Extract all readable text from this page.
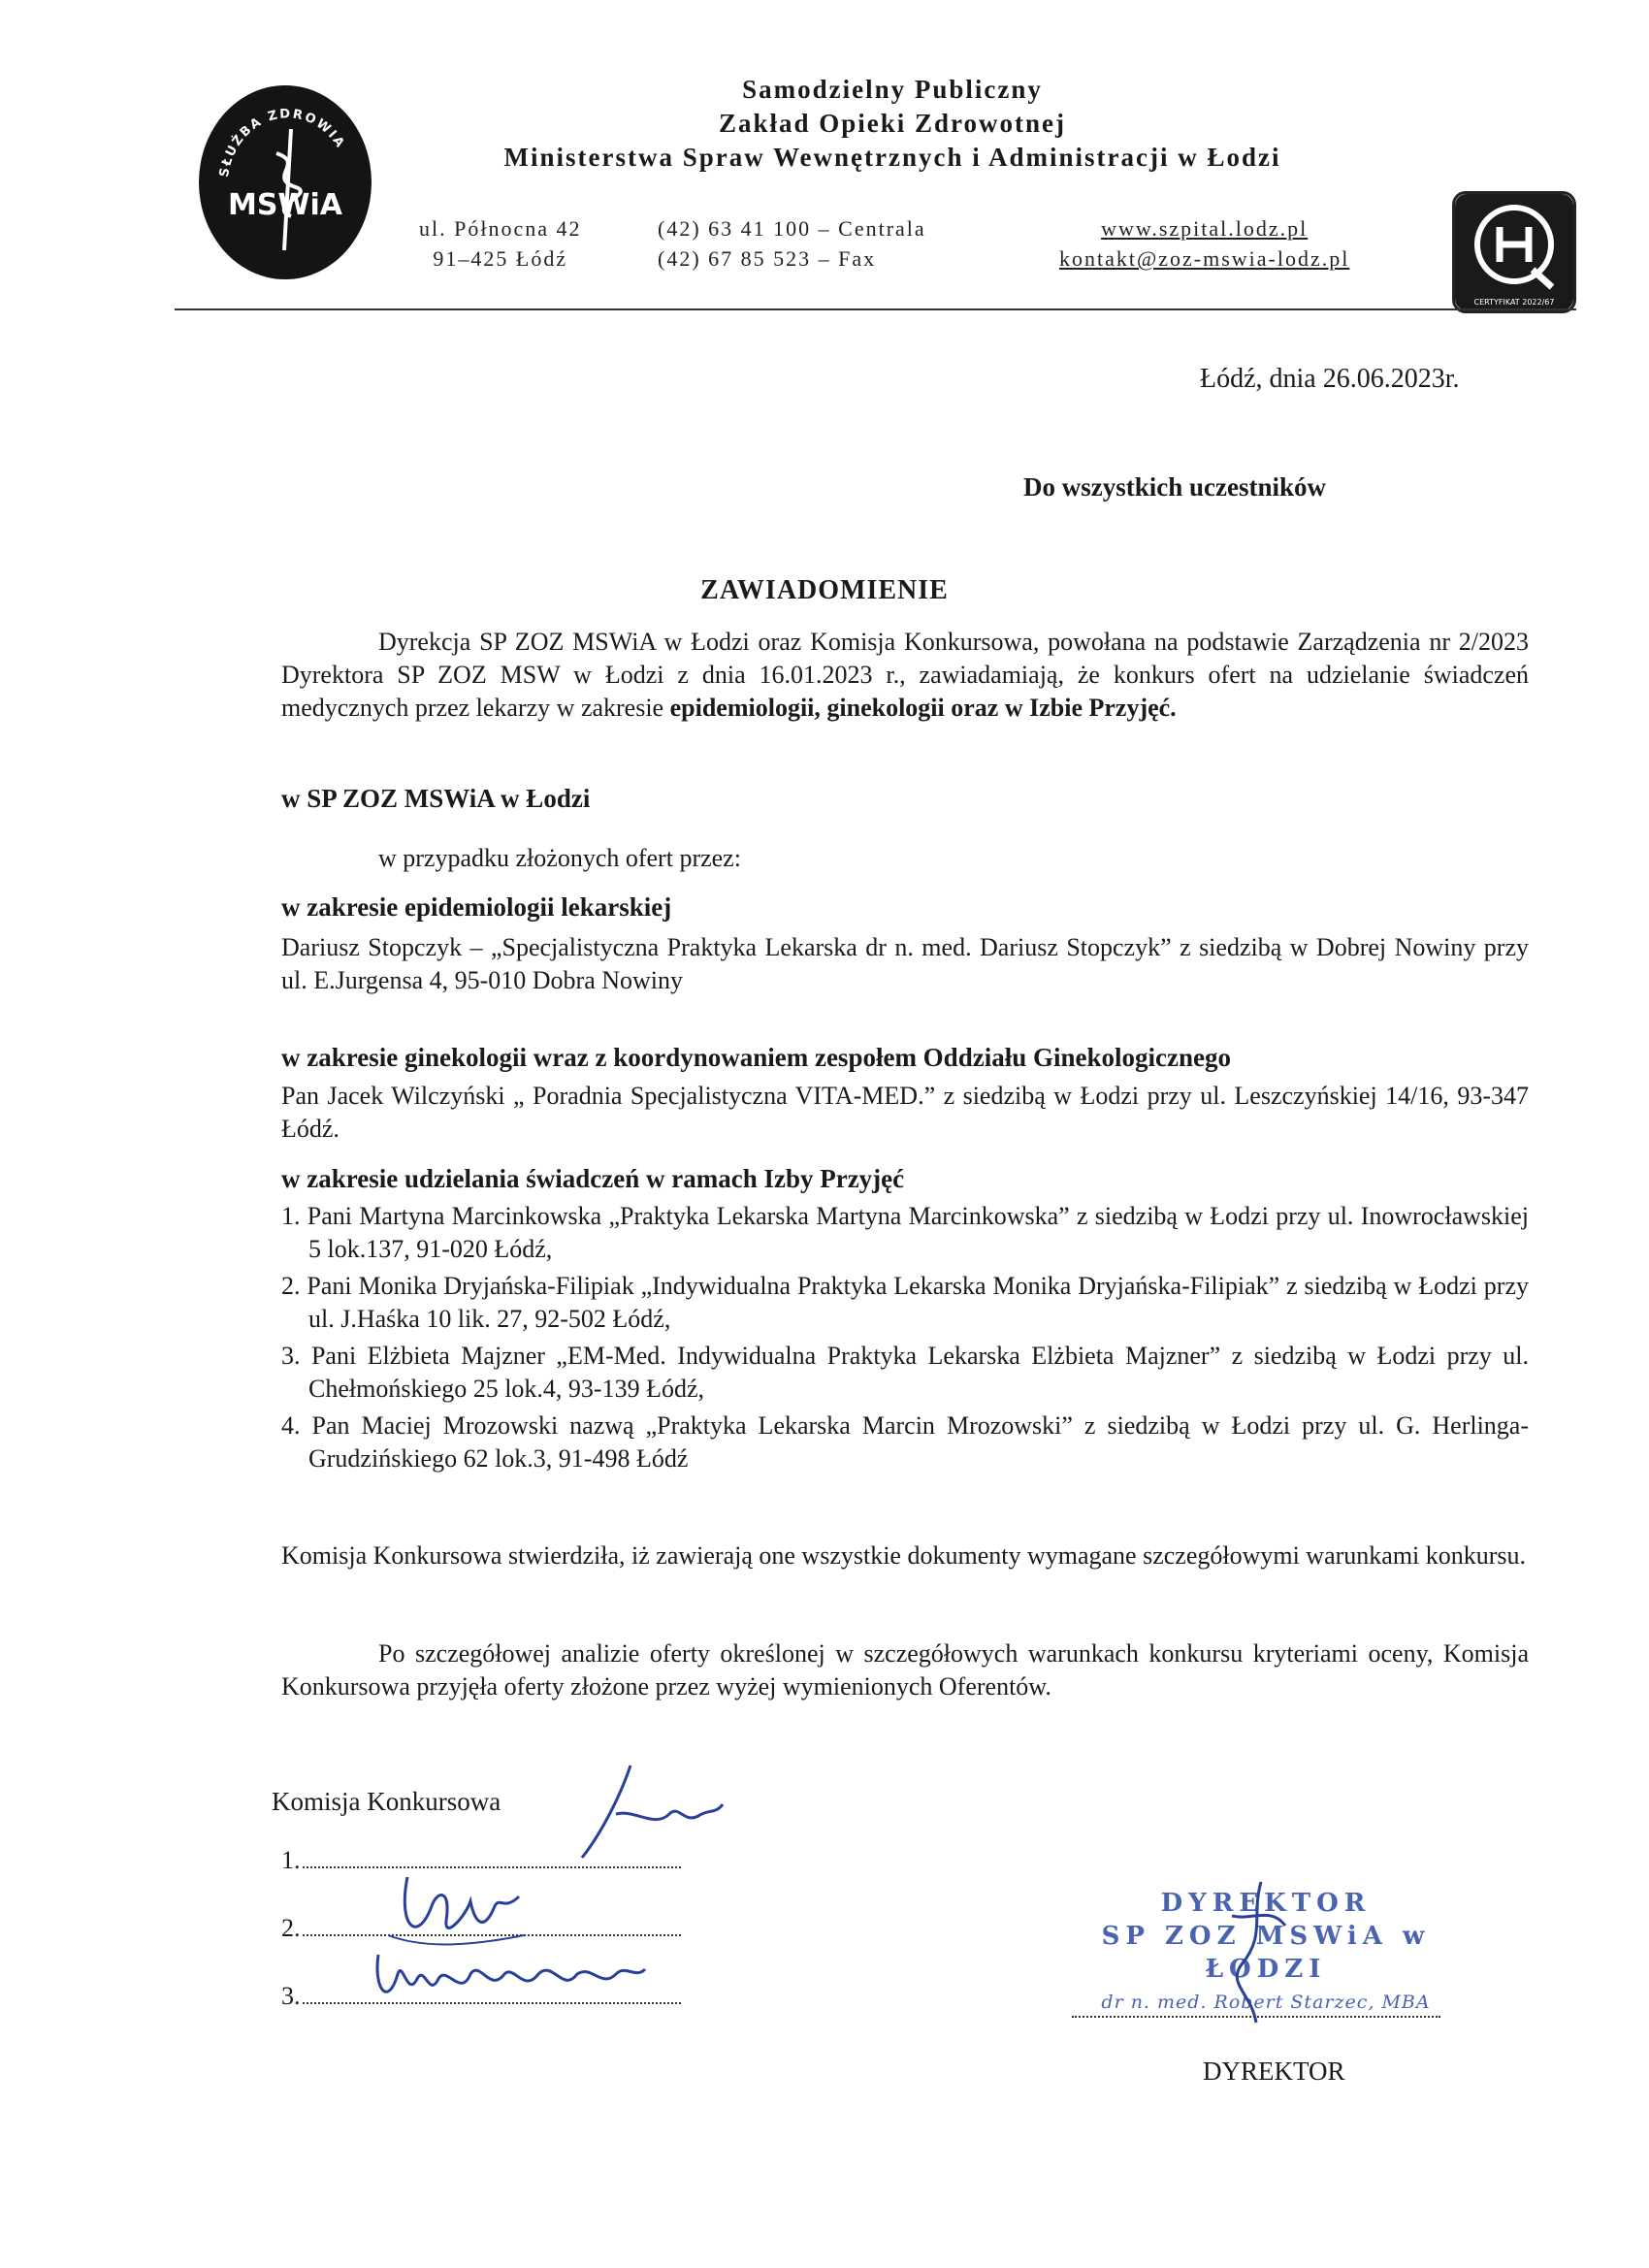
SŁUŻBA ZDROWIA
MSWiA
Samodzielny Publiczny
Zakład Opieki Zdrowotnej
Ministerstwa Spraw Wewnętrznych i Administracji w Łodzi
ul. Północna 42
91–425 Łódź
(42) 63 41 100 – Centrala
(42) 67 85 523 – Fax
www.szpital.lodz.pl
kontakt@zoz-mswia-lodz.pl
CERTYFIKAT 2022/67
Łódź, dnia 26.06.2023r.
Do wszystkich uczestników
ZAWIADOMIENIE
Dyrekcja SP ZOZ MSWiA w Łodzi oraz Komisja Konkursowa, powołana na podstawie Zarządzenia nr 2/2023 Dyrektora SP ZOZ MSW w Łodzi z dnia 16.01.2023 r., zawiadamiają, że konkurs ofert na udzielanie świadczeń medycznych przez lekarzy w zakresie epidemiologii, ginekologii oraz w Izbie Przyjęć.
w SP ZOZ MSWiA w Łodzi
w przypadku złożonych ofert przez:
w zakresie epidemiologii lekarskiej
Dariusz Stopczyk – „Specjalistyczna Praktyka Lekarska dr n. med. Dariusz Stopczyk” z siedzibą w Dobrej Nowiny przy ul. E.Jurgensa 4, 95-010 Dobra Nowiny
w zakresie ginekologii wraz z koordynowaniem zespołem Oddziału Ginekologicznego
Pan Jacek Wilczyński „ Poradnia Specjalistyczna VITA-MED.” z siedzibą w Łodzi przy ul. Leszczyńskiej 14/16, 93-347 Łódź.
w zakresie udzielania świadczeń w ramach Izby Przyjęć
1. Pani Martyna Marcinkowska „Praktyka Lekarska Martyna Marcinkowska” z siedzibą w Łodzi przy ul. Inowrocławskiej 5 lok.137, 91-020 Łódź,
2. Pani Monika Dryjańska-Filipiak „Indywidualna Praktyka Lekarska Monika Dryjańska-Filipiak” z siedzibą w Łodzi przy ul. J.Haśka 10 lik. 27, 92-502 Łódź,
3. Pani Elżbieta Majzner „EM-Med. Indywidualna Praktyka Lekarska Elżbieta Majzner” z siedzibą w Łodzi przy ul. Chełmońskiego 25 lok.4, 93-139 Łódź,
4. Pan Maciej Mrozowski nazwą „Praktyka Lekarska Marcin Mrozowski” z siedzibą w Łodzi przy ul. G. Herlinga-Grudzińskiego 62 lok.3, 91-498 Łódź
Komisja Konkursowa stwierdziła, iż zawierają one wszystkie dokumenty wymagane szczegółowymi warunkami konkursu.
Po szczegółowej analizie oferty określonej w szczegółowych warunkach konkursu kryteriami oceny, Komisja Konkursowa przyjęła oferty złożone przez wyżej wymienionych Oferentów.
Komisja Konkursowa
1.
2.
3.
DYREKTOR
SP ZOZ MSWiA w ŁODZI
dr n. med. Robert Starzec, MBA
DYREKTOR
